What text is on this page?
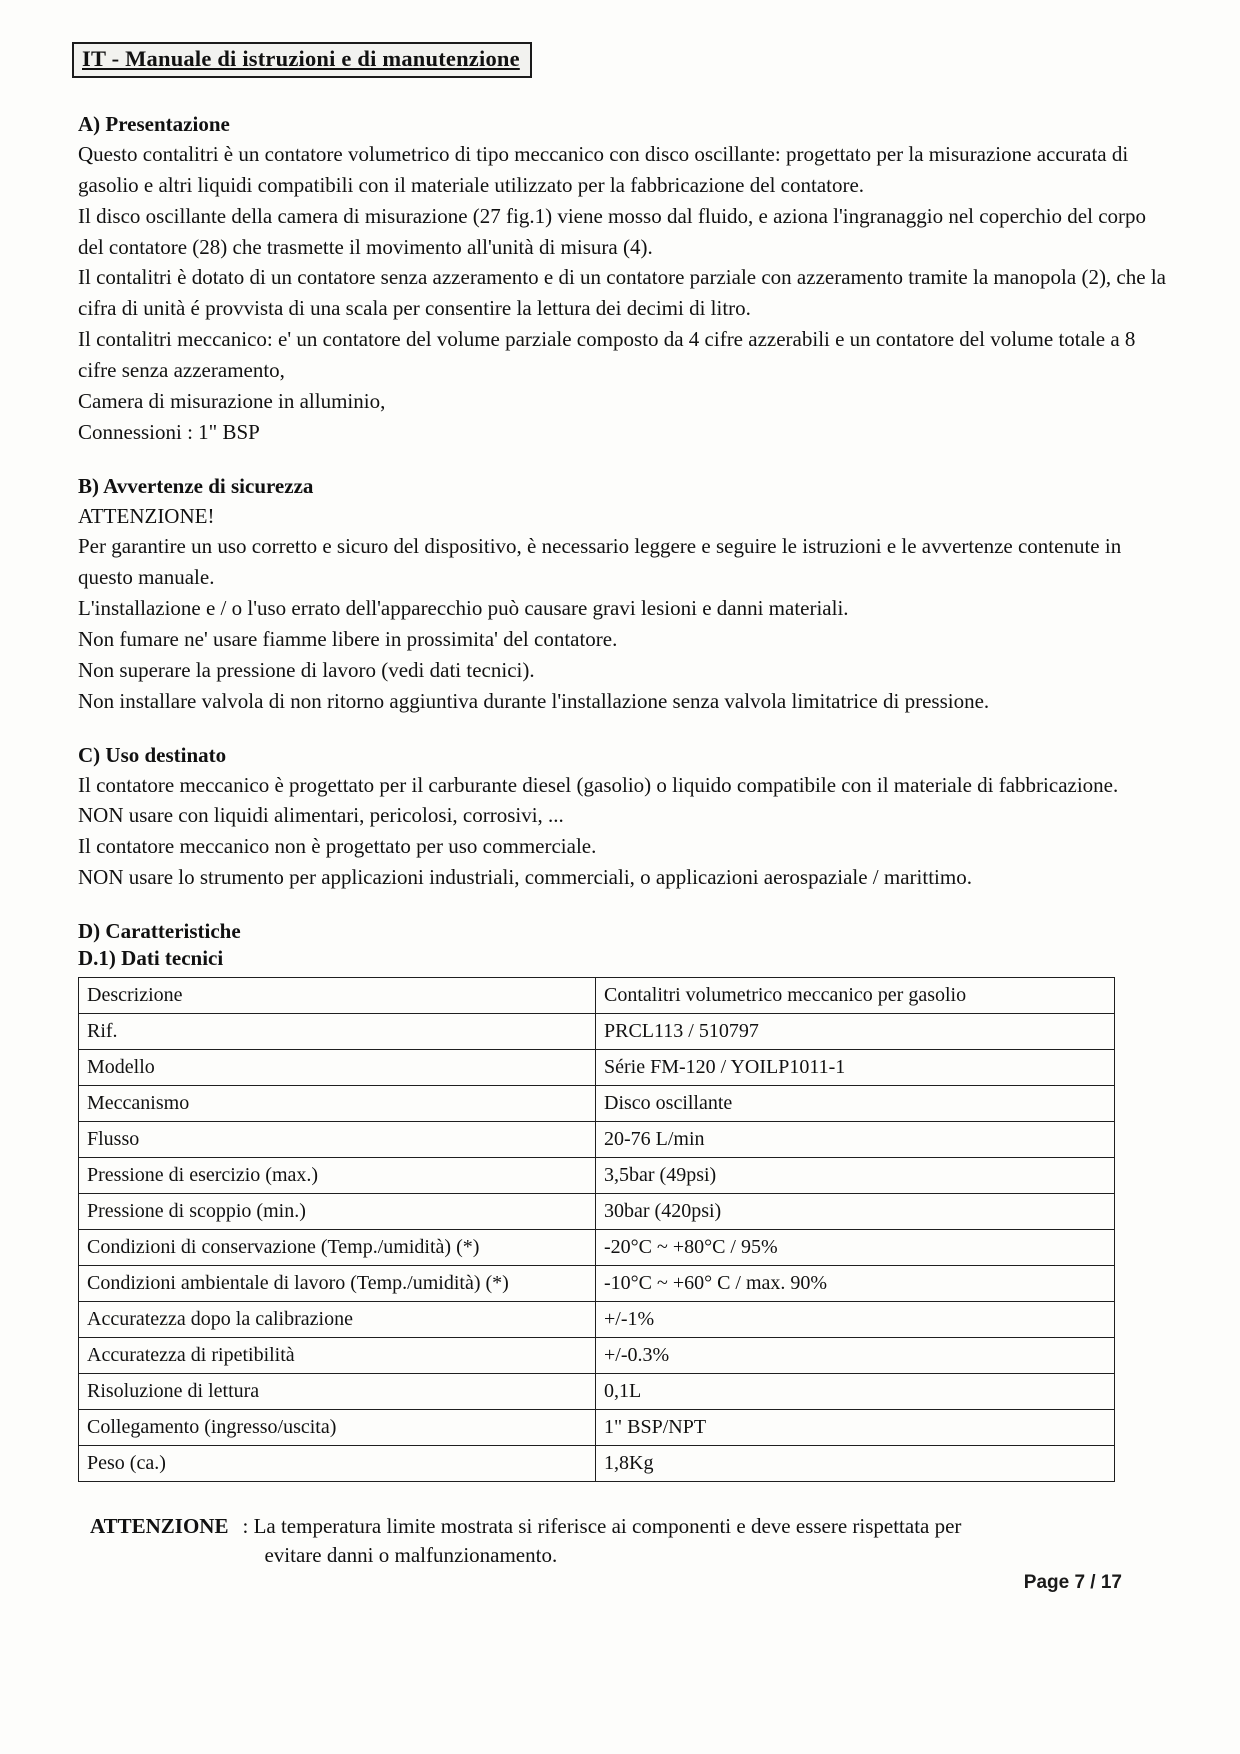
IT - Manuale di istruzioni e di manutenzione
A) Presentazione

Questo contalitri è un contatore volumetrico di tipo meccanico con disco oscillante: progettato per la misurazione accurata di gasolio e altri liquidi compatibili con il materiale utilizzato per la fabbricazione del contatore.

Il disco oscillante della camera di misurazione (27 fig.1) viene mosso dal fluido, e aziona l'ingranaggio nel coperchio del corpo del contatore (28) che trasmette il movimento all'unità di misura (4).

Il contalitri è dotato di un contatore senza azzeramento e di un contatore parziale con azzeramento tramite la manopola (2), che la cifra di unità é provvista di una scala per consentire la lettura dei decimi di litro.

Il contalitri meccanico: e' un contatore del volume parziale composto da 4 cifre azzerabili e un contatore del volume totale a 8 cifre senza azzeramento,

Camera di misurazione in alluminio,

Connessioni : 1" BSP

B) Avvertenze di sicurezza

ATTENZIONE!

Per garantire un uso corretto e sicuro del dispositivo, è necessario leggere e seguire le istruzioni e le avvertenze contenute in questo manuale.

L'installazione e / o l'uso errato dell'apparecchio può causare gravi lesioni e danni materiali.

Non fumare ne' usare fiamme libere in prossimita' del contatore.

Non superare la pressione di lavoro (vedi dati tecnici).

Non installare valvola di non ritorno aggiuntiva durante l'installazione senza valvola limitatrice di pressione.

C) Uso destinato

Il contatore meccanico è progettato per il carburante diesel (gasolio) o liquido compatibile con il materiale di fabbricazione.

NON usare con liquidi alimentari, pericolosi, corrosivi, ...

Il contatore meccanico non è progettato per uso commerciale.

NON usare lo strumento per applicazioni industriali, commerciali, o applicazioni aerospaziale / marittimo.

D) Caratteristiche
D.1) Dati tecnici
Descrizione	Contalitri volumetrico meccanico per gasolio
Rif.	PRCL113 / 510797
Modello	Série FM-120 / YOILP1011-1
Meccanismo	Disco oscillante
Flusso	20-76 L/min
Pressione di esercizio (max.)	3,5bar (49psi)
Pressione di scoppio (min.)	30bar (420psi)
Condizioni di conservazione (Temp./umidità) (*)	-20°C ~ +80°C / 95%
Condizioni ambientale di lavoro (Temp./umidità) (*)	-10°C ~ +60° C / max. 90%
Accuratezza dopo la calibrazione	+/-1%
Accuratezza di ripetibilità	+/-0.3%
Risoluzione di lettura	0,1L
Collegamento (ingresso/uscita)	1" BSP/NPT
Peso (ca.)	1,8Kg
ATTENZIONE : La temperatura limite mostrata si riferisce ai componenti e deve essere rispettata per
evitare danni o malfunzionamento.
Page 7 / 17
